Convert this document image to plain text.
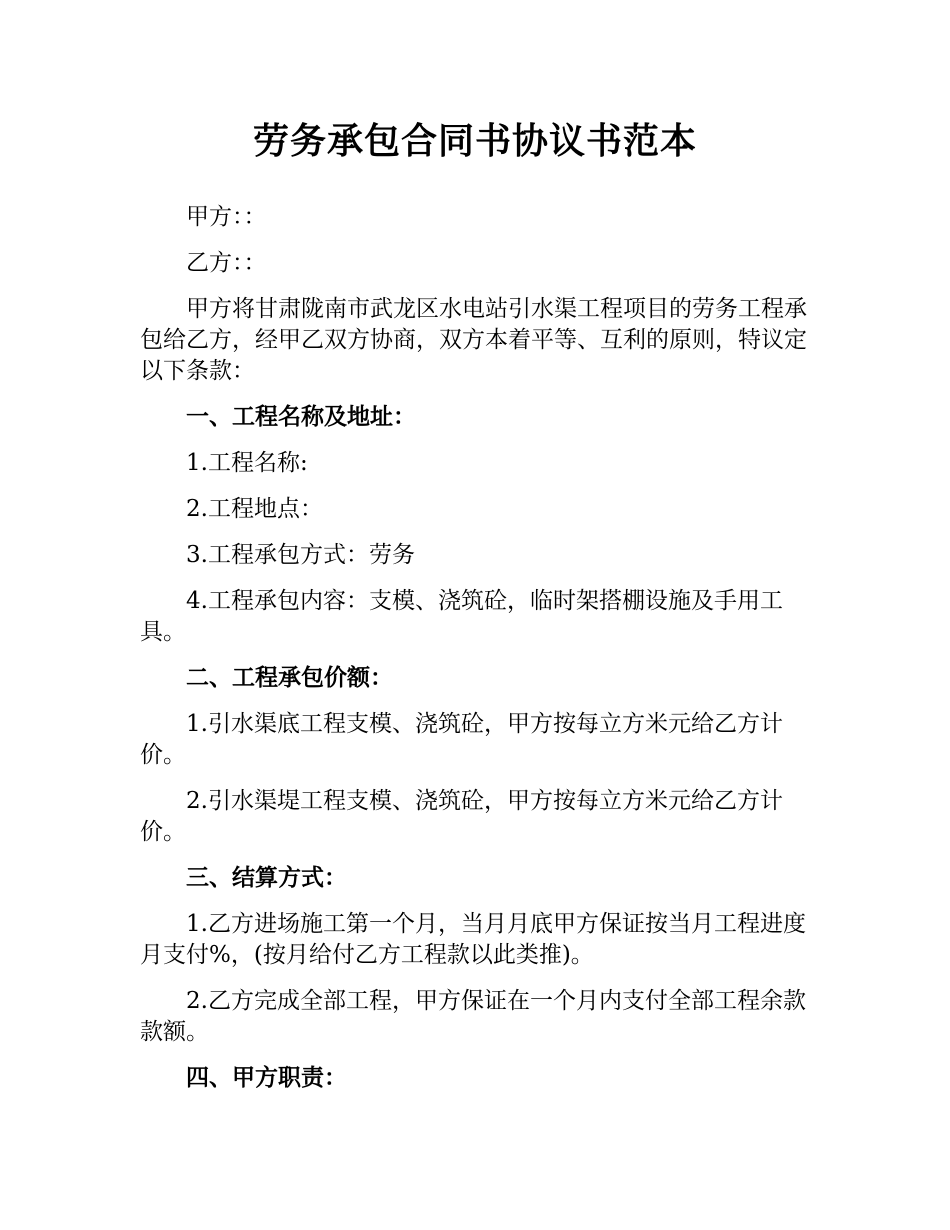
劳务承包合同书协议书范本

甲方：：

乙方：：

甲方将甘肃陇南市武龙区水电站引水渠工程项目的劳务工程承包给乙方，经甲乙双方协商，双方本着平等、互利的原则，特议定以下条款：

一、工程名称及地址：

1.工程名称:

2.工程地点：

3.工程承包方式：劳务

4.工程承包内容：支模、浇筑砼，临时架搭棚设施及手用工具。

二、工程承包价额：

1.引水渠底工程支模、浇筑砼，甲方按每立方米元给乙方计价。

2.引水渠堤工程支模、浇筑砼，甲方按每立方米元给乙方计价。

三、结算方式：

1.乙方进场施工第一个月，当月月底甲方保证按当月工程进度月支付%，(按月给付乙方工程款以此类推)。

2.乙方完成全部工程，甲方保证在一个月内支付全部工程余款款额。

四、甲方职责：
